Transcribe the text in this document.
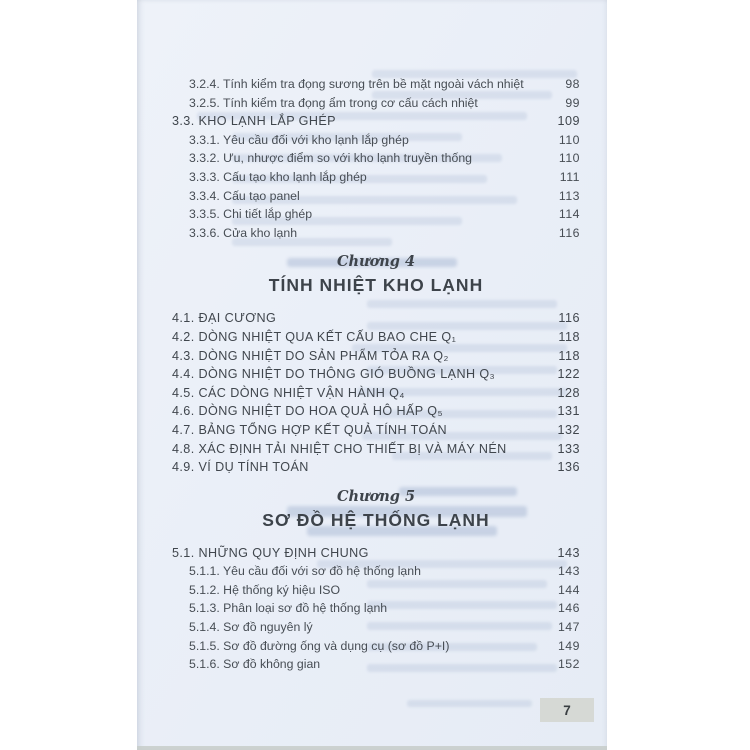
3.2.4. Tính kiểm tra đọng sương trên bề mặt ngoài vách nhiệt	98
3.2.5. Tính kiểm tra đọng ẩm trong cơ cấu cách nhiệt	99
3.3. KHO LẠNH LẮP GHÉP	109
3.3.1. Yêu cầu đối với kho lạnh lắp ghép	110
3.3.2. Ưu, nhược điểm so với kho lạnh truyền thống	110
3.3.3. Cấu tạo kho lạnh lắp ghép	111
3.3.4. Cấu tạo panel	113
3.3.5. Chi tiết lắp ghép	114
3.3.6. Cửa kho lạnh	116
Chương 4
TÍNH NHIỆT KHO LẠNH
4.1. ĐẠI CƯƠNG	116
4.2. DÒNG NHIỆT QUA KẾT CẤU BAO CHE Q₁	118
4.3. DÒNG NHIỆT DO SẢN PHẨM TỎA RA Q₂	118
4.4. DÒNG NHIỆT DO THÔNG GIÓ BUỒNG LẠNH Q₃	122
4.5. CÁC DÒNG NHIỆT VẬN HÀNH Q₄	128
4.6. DÒNG NHIỆT DO HOA QUẢ HÔ HẤP Q₅	131
4.7. BẢNG TỔNG HỢP KẾT QUẢ TÍNH TOÁN	132
4.8. XÁC ĐỊNH TẢI NHIỆT CHO THIẾT BỊ VÀ MÁY NÉN	133
4.9. VÍ DỤ TÍNH TOÁN	136
Chương 5
SƠ ĐỒ HỆ THỐNG LẠNH
5.1. NHỮNG QUY ĐỊNH CHUNG	143
5.1.1. Yêu cầu đối với sơ đồ hệ thống lạnh	143
5.1.2. Hệ thống ký hiệu ISO	144
5.1.3. Phân loại sơ đồ hệ thống lạnh	146
5.1.4. Sơ đồ nguyên lý	147
5.1.5. Sơ đồ đường ống và dụng cụ (sơ đồ P+I)	149
5.1.6. Sơ đồ không gian	152
7
